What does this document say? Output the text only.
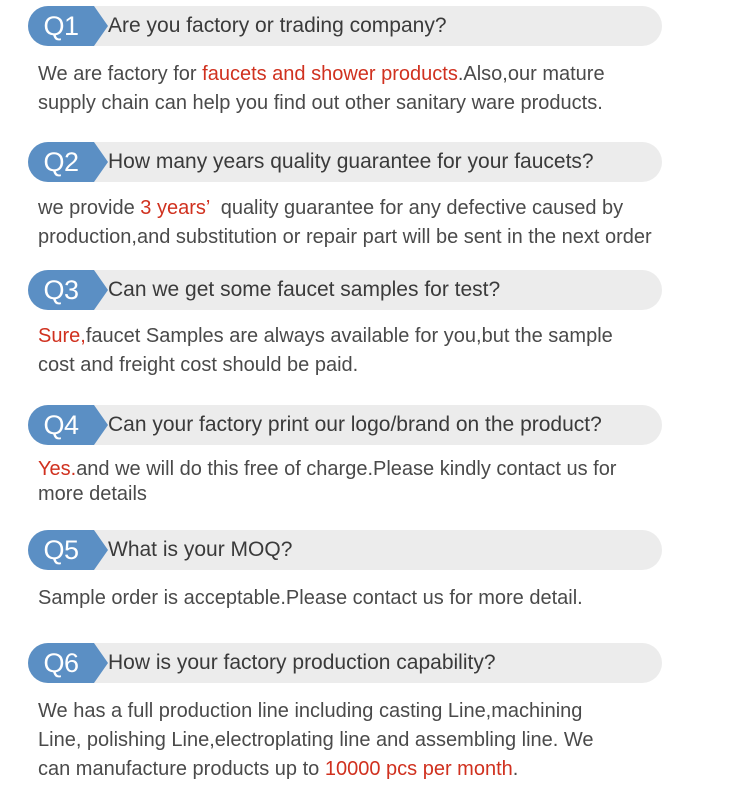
Q1	Are you factory or trading company?
We are factory for faucets and shower products.Also,our mature
supply chain can help you find out other sanitary ware products.
Q2	How many years quality guarantee for your faucets?
we provide 3 years’  quality guarantee for any defective caused by
production,and substitution or repair part will be sent in the next order
Q3	Can we get some faucet samples for test?
Sure,faucet Samples are always available for you,but the sample
cost and freight cost should be paid.
Q4	Can your factory print our logo/brand on the product?
Yes.and we will do this free of charge.Please kindly contact us for
more details
Q5	What is your MOQ?
Sample order is acceptable.Please contact us for more detail.
Q6	How is your factory production capability?
We has a full production line including casting Line,machining
Line, polishing Line,electroplating line and assembling line. We
can manufacture products up to 10000 pcs per month.
